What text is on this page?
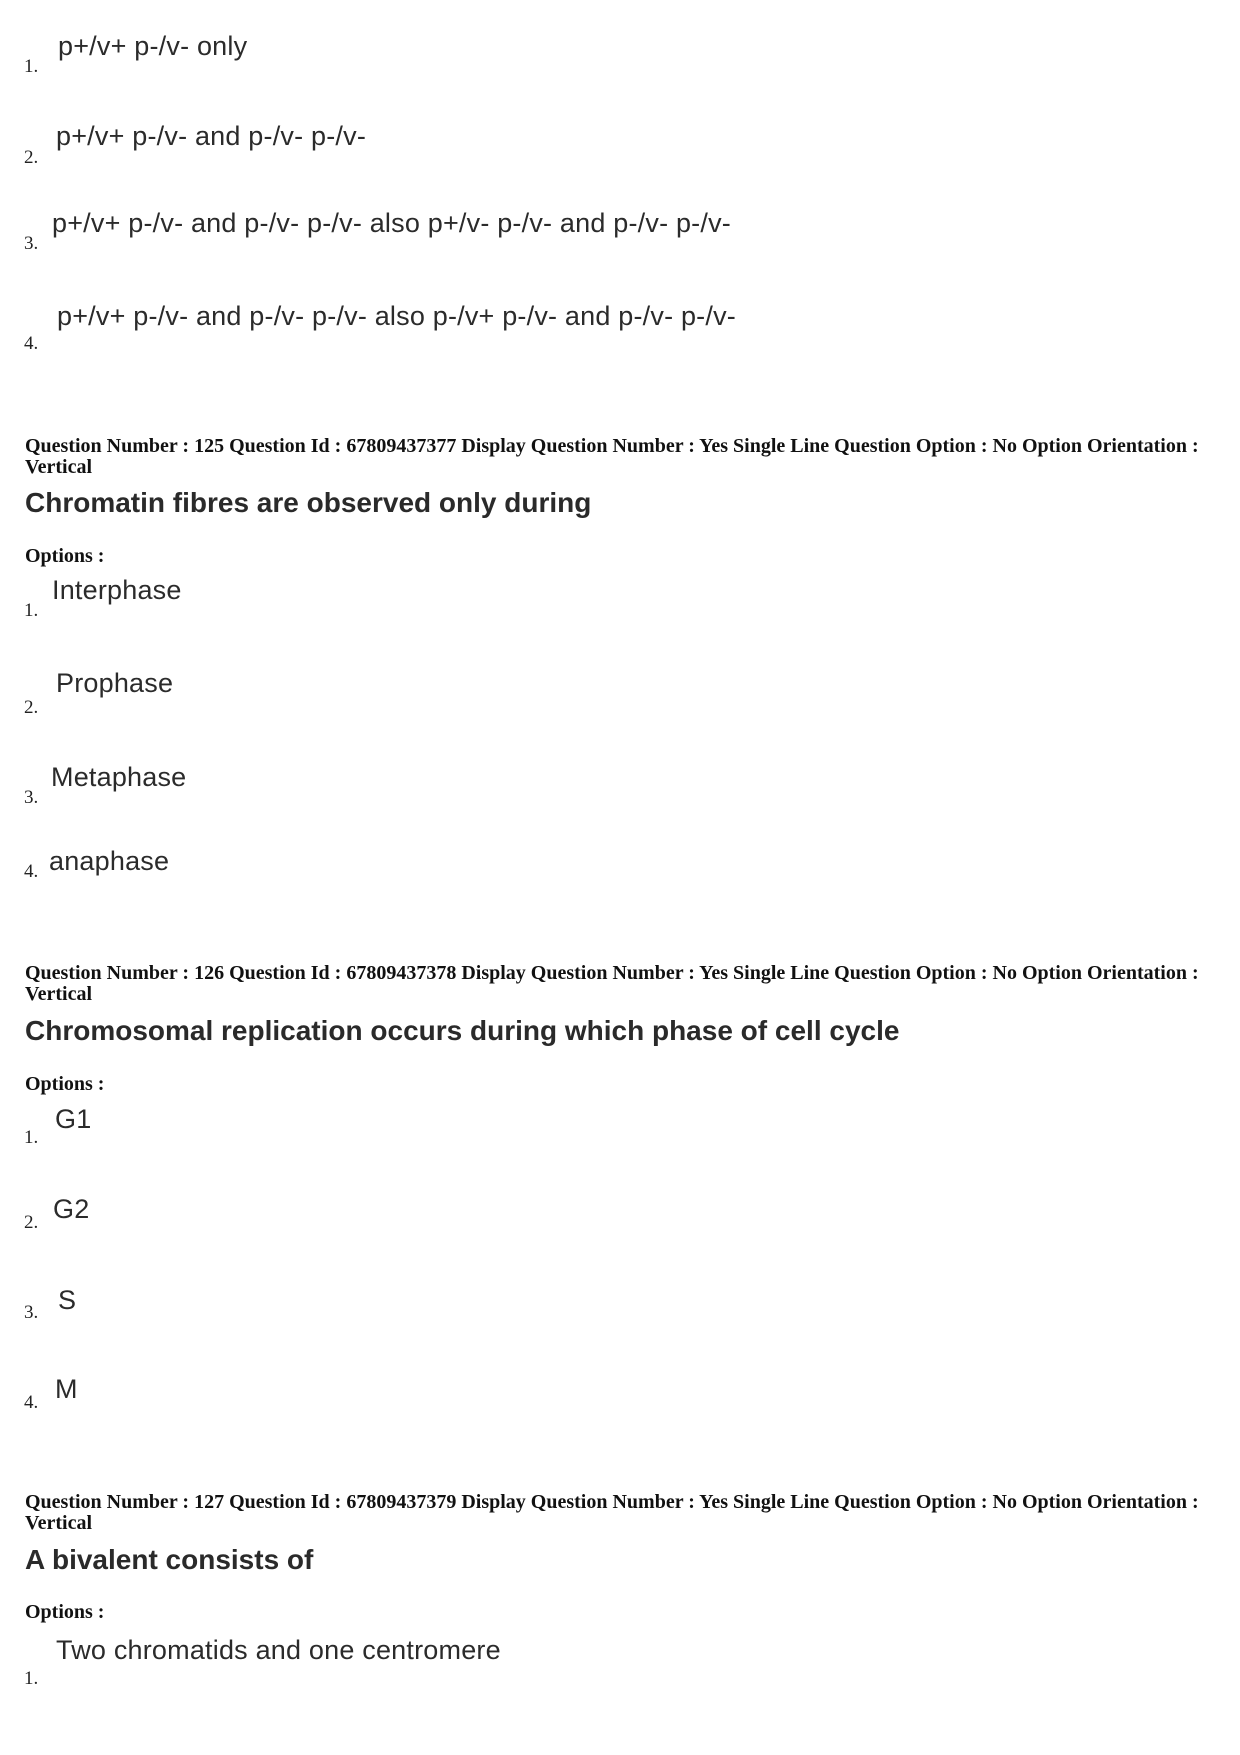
1.
p+/v+ p-/v- only
2.
p+/v+ p-/v- and p-/v- p-/v-
3.
p+/v+ p-/v- and p-/v- p-/v- also p+/v- p-/v- and p-/v- p-/v-
4.
p+/v+ p-/v- and p-/v- p-/v- also p-/v+ p-/v- and p-/v- p-/v-
Question Number : 125 Question Id : 67809437377 Display Question Number : Yes Single Line Question Option : No Option Orientation : Vertical
Chromatin fibres are observed only during
Options :
1.
Interphase
2.
Prophase
3.
Metaphase
4. anaphase
Question Number : 126 Question Id : 67809437378 Display Question Number : Yes Single Line Question Option : No Option Orientation : Vertical
Chromosomal replication occurs during which phase of cell cycle
Options :
1.
G1
2. G2
3. S
4. M
Question Number : 127 Question Id : 67809437379 Display Question Number : Yes Single Line Question Option : No Option Orientation : Vertical
A bivalent consists of
Options :
1.
Two chromatids and one centromere
